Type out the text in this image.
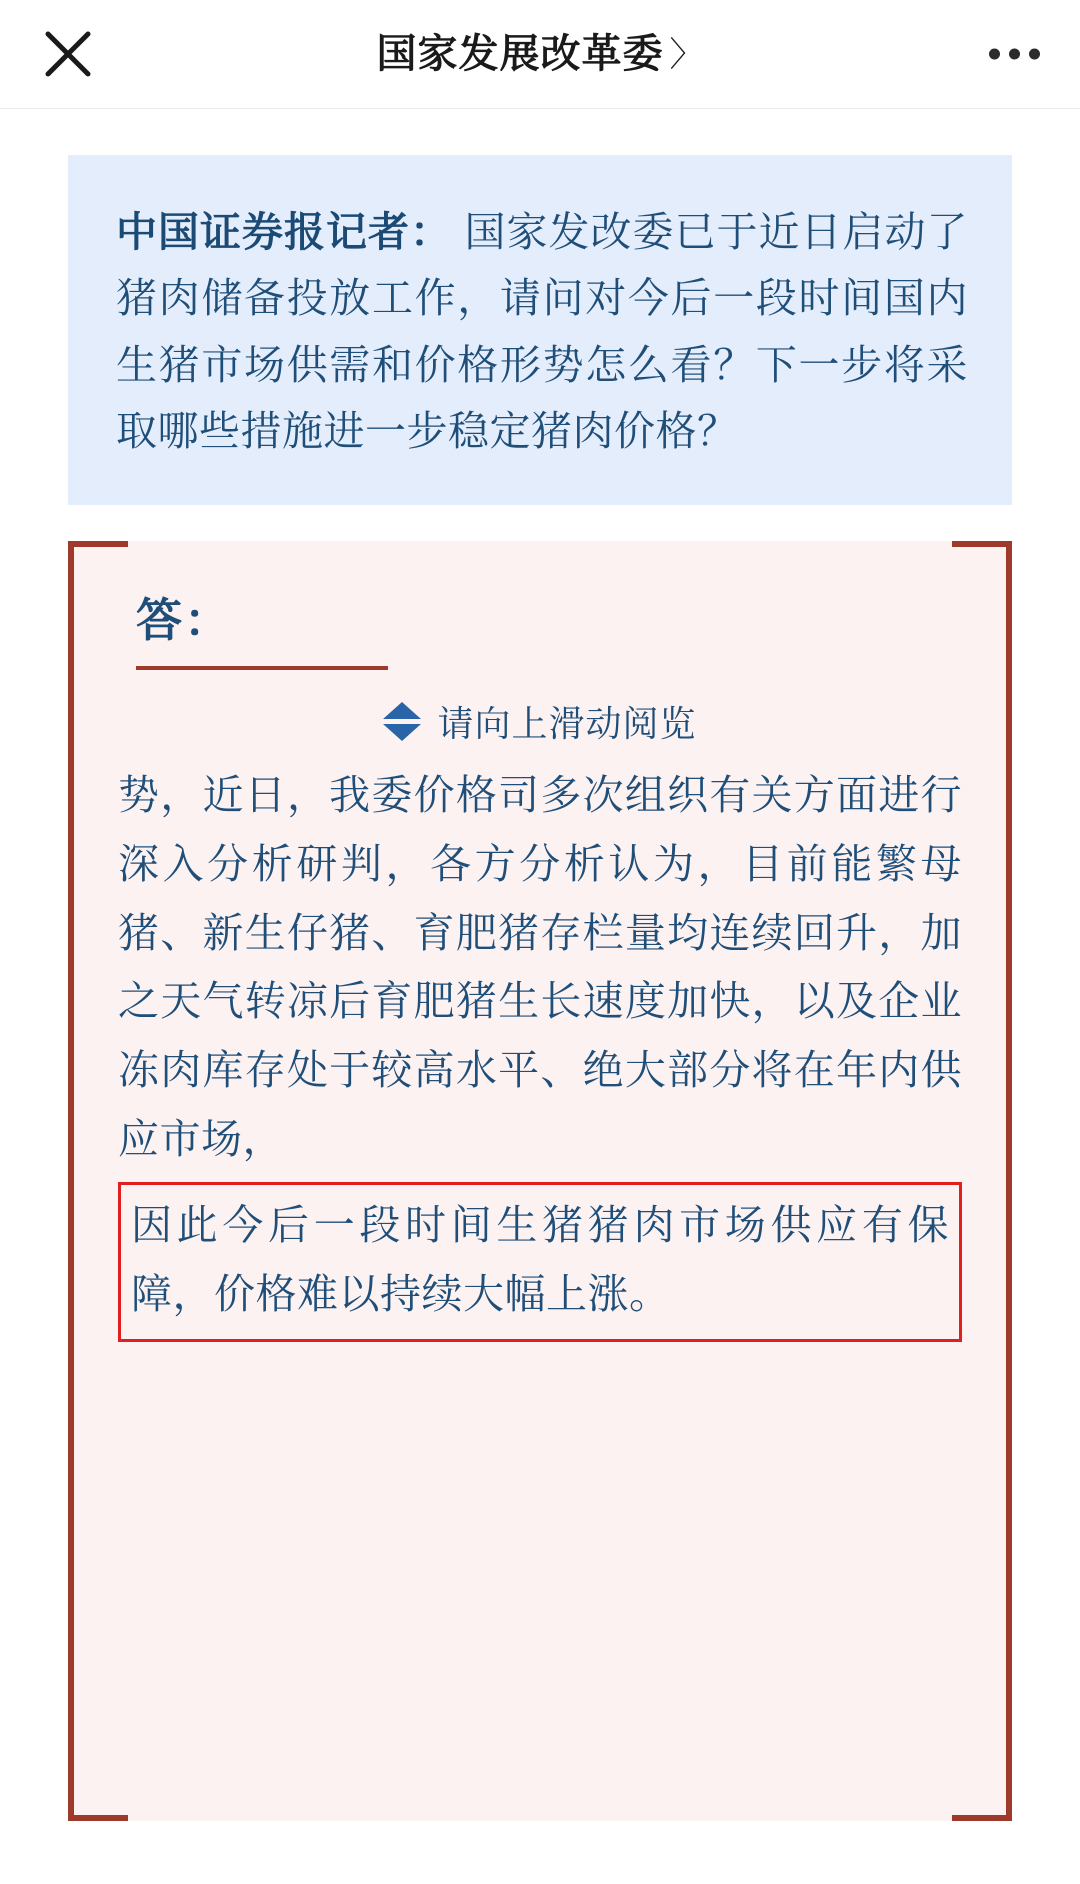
国家发展改革委 〉

中国证券报记者： 国家发改委已于近日启动了猪肉储备投放工作，请问对今后一段时间国内生猪市场供需和价格形势怎么看？下一步将采取哪些措施进一步稳定猪肉价格？

答：
请向上滑动阅览

势，近日，我委价格司多次组织有关方面进行深入分析研判，各方分析认为，目前能繁母猪、新生仔猪、育肥猪存栏量均连续回升，加之天气转凉后育肥猪生长速度加快，以及企业冻肉库存处于较高水平、绝大部分将在年内供应市场，

因此今后一段时间生猪猪肉市场供应有保障，价格难以持续大幅上涨。
